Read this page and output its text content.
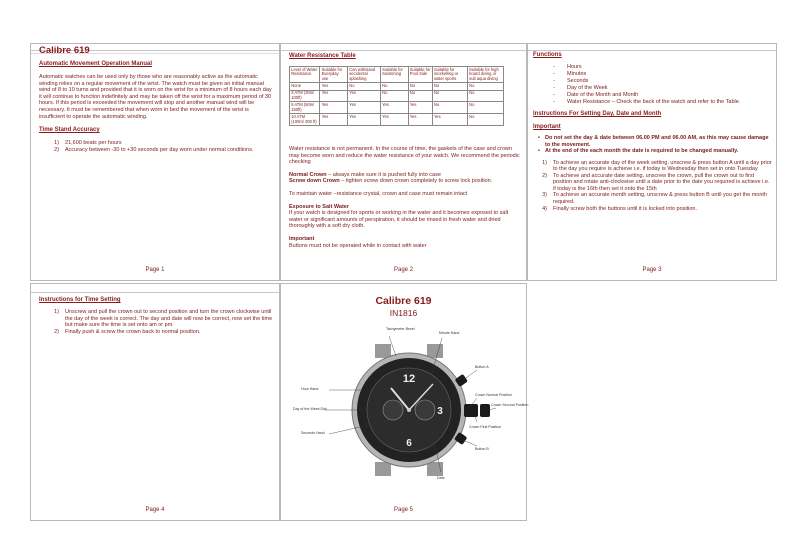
Calibre 619

Automatic Movement Operation Manual

Automatic watches can be used only by those who are reasonably active as the automatic winding relies on a regular movement of the wrist. The watch must be given an initial manual wind of 8 to 10 turns and provided that it is worn on the wrist for a minimum of 8 hours each day it will continue to function indefinitely and may be taken off the wrist for a maximum period of 30 hours. If this period is exceeded the movement will stop and another manual wind will be necessary. It must be remembered that when worn in bed the movement of the wrist is insufficient to operate the automatic winding.

Time Stand Accuracy

1) 21,600 beats per hours
2) Accuracy between -30 to +30 seconds per day worn under normal conditions.
Page 1

Water Resistance Table

Level of Water Resistance	Suitable for Everyday use	Can withstand accidental splashing	Suitable for Swimming	Suitable for Pool Side	Suitable for snorkelling or water sports	Suitable for high board diving or sub aqua diving
None	Yes	No	No	No	No	No
3 ATM (30m/ 100ft)	Yes	Yes	No	No	No	No
5 ATM (50m/ 150ft)	Yes	Yes	Yes	Yes	No	No
10 ATM (100m/ 300 ft)	Yes	Yes	Yes	Yes	Yes	No

Water resistance is not permanent. In the course of time, the gaskets of the case and crown may become worn and reduce the water resistance of your watch. We recommend the periodic checking

Normal Crown – always make sure it is pushed fully into case

Screw down Crown – tighten screw down crown completely to screw lock position.

To maintain water –resistance crystal, crown and case must remain intact

Exposure to Salt Water

If your watch is designed for sports or working in the water and it becomes exposed to salt water or significant amounts of perspiration, it should be rinsed in fresh water and dried thoroughly with a soft dry cloth.

Important

Buttons must not be operated while in contact with water

Page 2

Functions

- Hours
- Minutes
- Seconds
- Day of the Week
- Date of the Month and Month
- Water Resistance – Check the back of the watch and refer to the Table.

Instructions For Setting Day, Date and Month

Important

• Do not set the day & date between 06.00 PM and 06.00 AM, as this may cause damage to the movement.
• At the end of the each month the date is required to be changed manually.
1) To achieve an accurate day of the week setting, unscrew & press button A until a day prior to the day you require is achieve i.e. if today is Wednesday then set in onto Tuesday
2) To achieve and accurate date setting, unscrew the crown, pull the crown out to first position and rotate anti-clockwise until a date prior to the date you required is achieve i.e. if today is the 16th then set it onto the 15th
3) To achieve an accurate month setting, unscrew & press button B until you get the month required.
4) Finally screw both the buttons until it is locked into position.
Page 3

Instructions for Time Setting

1) Unscrew and pull the crown out to second position and turn the crown clockwise until the day of the week is correct. The day and date will now be correct, now set the time but make sure the time is set onto am or pm.
2) Finally push & screw the crown back to normal position.
Page 4

Calibre 619

IN1816

12
3
6
Tachymeter Bezel
Minute Hand
Button A
Hour Hand
Day of the Week Dial
Seconds Hand
Crown Normal Position
Crown Second Position
Crown First Position
Button B
Date
Page 5
